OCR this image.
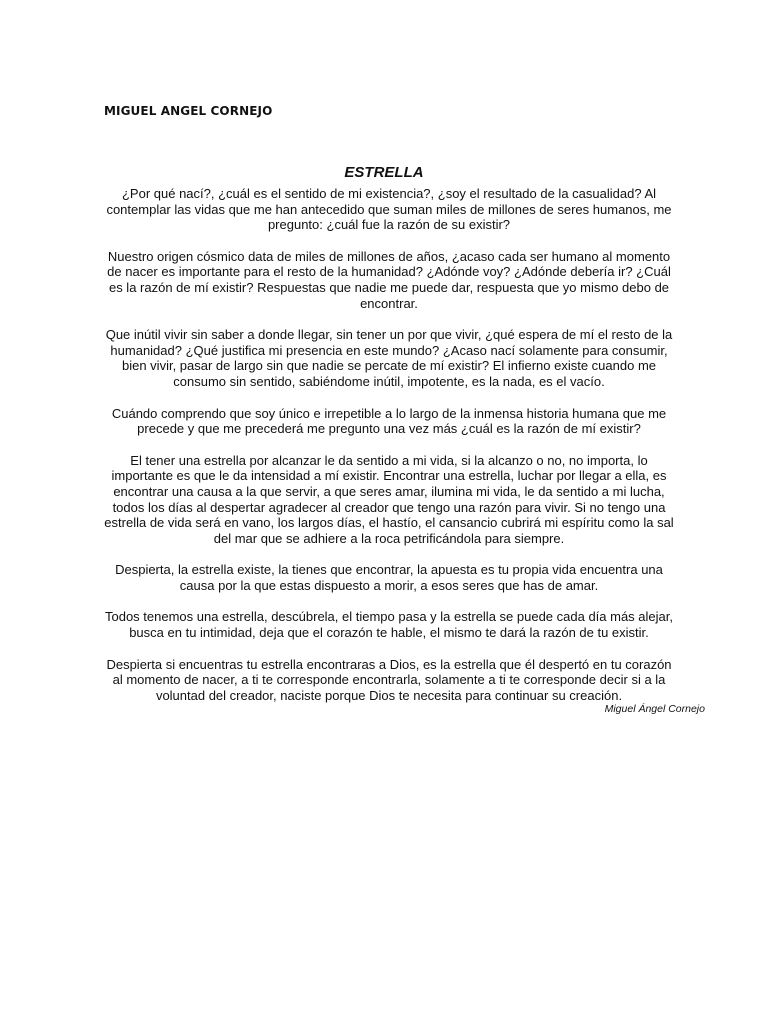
MIGUEL ANGEL CORNEJO

ESTRELLA

¿Por qué nací?, ¿cuál es el sentido de mi existencia?, ¿soy el resultado de la casualidad? Al contemplar las vidas que me han antecedido que suman miles de millones de seres humanos, me pregunto: ¿cuál fue la razón de su existir?

Nuestro origen cósmico data de miles de millones de años, ¿acaso cada ser humano al momento de nacer es importante para el resto de la humanidad? ¿Adónde voy? ¿Adónde debería ir? ¿Cuál es la razón de mí existir? Respuestas que nadie me puede dar, respuesta que yo mismo debo de encontrar.

Que inútil vivir sin saber a donde llegar, sin tener un por que vivir, ¿qué espera de mí el resto de la humanidad? ¿Qué justifica mi presencia en este mundo? ¿Acaso nací solamente para consumir, bien vivir, pasar de largo sin que nadie se percate de mí existir? El infierno existe cuando me consumo sin sentido, sabiéndome inútil, impotente, es la nada, es el vacío.

Cuándo comprendo que soy único e irrepetible a lo largo de la inmensa historia humana que me precede y que me precederá me pregunto una vez más ¿cuál es la razón de mí existir?

El tener una estrella por alcanzar le da sentido a mi vida, si la alcanzo o no, no importa, lo importante es que le da intensidad a mí existir. Encontrar una estrella, luchar por llegar a ella, es encontrar una causa a la que servir, a que seres amar, ilumina mi vida, le da sentido a mi lucha, todos los días al despertar agradecer al creador que tengo una razón para vivir. Si no tengo una estrella de vida será en vano, los largos días, el hastío, el cansancio cubrirá mi espíritu como la sal del mar que se adhiere a la roca petrificándola para siempre.

Despierta, la estrella existe, la tienes que encontrar, la apuesta es tu propia vida encuentra una causa por la que estas dispuesto a morir, a esos seres que has de amar.

Todos tenemos una estrella, descúbrela, el tiempo pasa y la estrella se puede cada día más alejar, busca en tu intimidad, deja que el corazón te hable, el mismo te dará la razón de tu existir.

Despierta si encuentras tu estrella encontraras a Dios, es la estrella que él despertó en tu corazón al momento de nacer, a ti te corresponde encontrarla, solamente a ti te corresponde decir si a la voluntad del creador, naciste porque Dios te necesita para continuar su creación.

Miguel Ángel Cornejo
